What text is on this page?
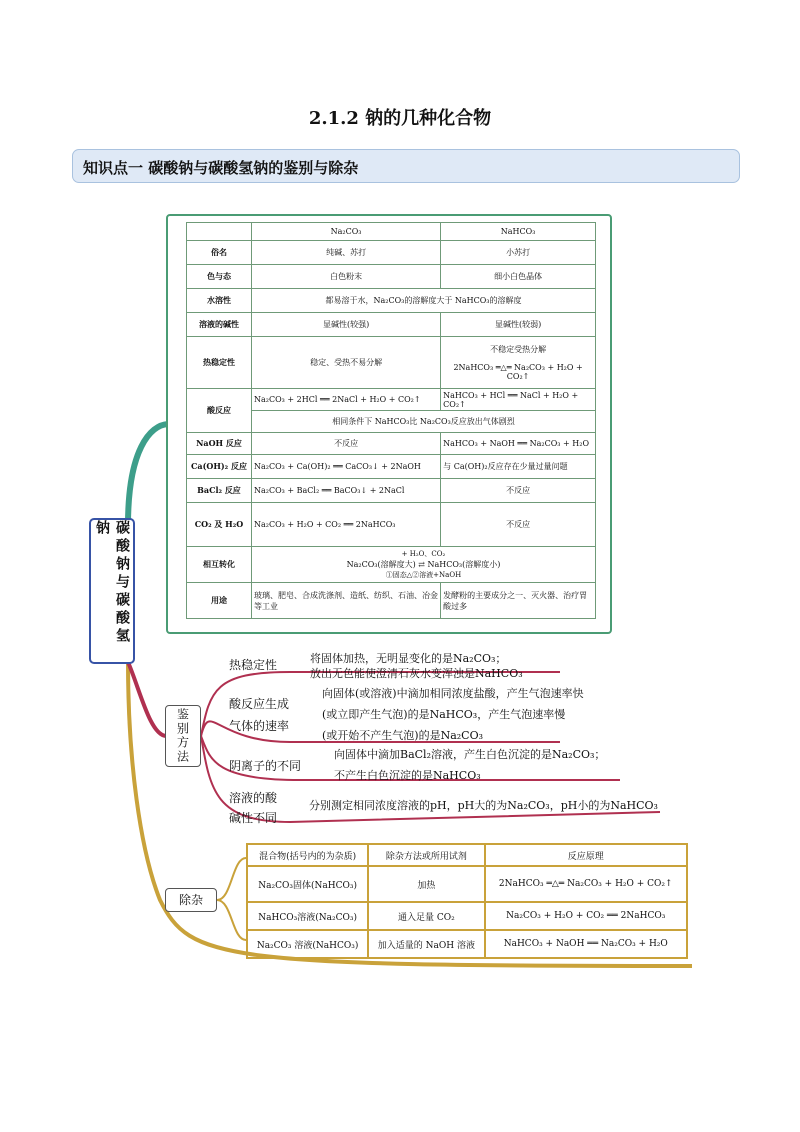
2.1.2 钠的几种化合物
知识点一 碳酸钠与碳酸氢钠的鉴别与除杂
	Na₂CO₃	NaHCO₃
俗名	纯碱、苏打	小苏打
色与态	白色粉末	细小白色晶体
水溶性	都易溶于水，Na₂CO₃的溶解度大于 NaHCO₃的溶解度	
溶液的碱性	显碱性(较强)	显碱性(较弱)
热稳定性	稳定、受热不易分解	不稳定受热分解
2NaHCO₃ ═△═ Na₂CO₃ + H₂O + CO₂↑

酸反应	Na₂CO₃ + 2HCl ══ 2NaCl + H₂O + CO₂↑	NaHCO₃ + HCl ══ NaCl + H₂O + CO₂↑
	相同条件下 NaHCO₃比 Na₂CO₃反应放出气体剧烈	
NaOH 反应	不反应	NaHCO₃ + NaOH ══ Na₂CO₃ + H₂O
Ca(OH)₂ 反应	Na₂CO₃ + Ca(OH)₂ ══ CaCO₃↓ + 2NaOH	与 Ca(OH)₂反应存在少量过量问题
BaCl₂ 反应	Na₂CO₃ + BaCl₂ ══ BaCO₃↓ + 2NaCl	不反应
CO₂ 及 H₂O	Na₂CO₃ + H₂O + CO₂ ══ 2NaHCO₃	不反应
相互转化	+ H₂O、CO₂
Na₂CO₃(溶解度大) ⇄ NaHCO₃(溶解度小)
①固态△②溶液+NaOH	

用途	玻璃、肥皂、合成洗涤剂、造纸、纺织、石油、冶金等工业	发酵粉的主要成分之一、灭火器、治疗胃酸过多
碳酸钠与碳酸氢钠
鉴别方法
热稳定性	将固体加热，无明显变化的是Na₂CO₃；
放出无色能使澄清石灰水变浑浊是NaHCO₃
酸反应生成气体的速率
向固体(或溶液)中滴加相同浓度盐酸，产生气泡速率快
(或立即产生气泡)的是NaHCO₃，产生气泡速率慢
(或开始不产生气泡)的是Na₂CO₃
阴离子的不同
向固体中滴加BaCl₂溶液，产生白色沉淀的是Na₂CO₃；
不产生白色沉淀的是NaHCO₃
溶液的酸碱性不同
分别测定相同浓度溶液的pH，pH大的为Na₂CO₃，pH小的为NaHCO₃
除杂
混合物(括号内的为杂质)	除杂方法或所用试剂	反应原理
Na₂CO₃固体(NaHCO₃)	加热	2NaHCO₃ ═△═ Na₂CO₃ + H₂O + CO₂↑
NaHCO₃溶液(Na₂CO₃)	通入足量 CO₂	Na₂CO₃ + H₂O + CO₂ ══ 2NaHCO₃
Na₂CO₃ 溶液(NaHCO₃)	加入适量的 NaOH 溶液	NaHCO₃ + NaOH ══ Na₂CO₃ + H₂O
